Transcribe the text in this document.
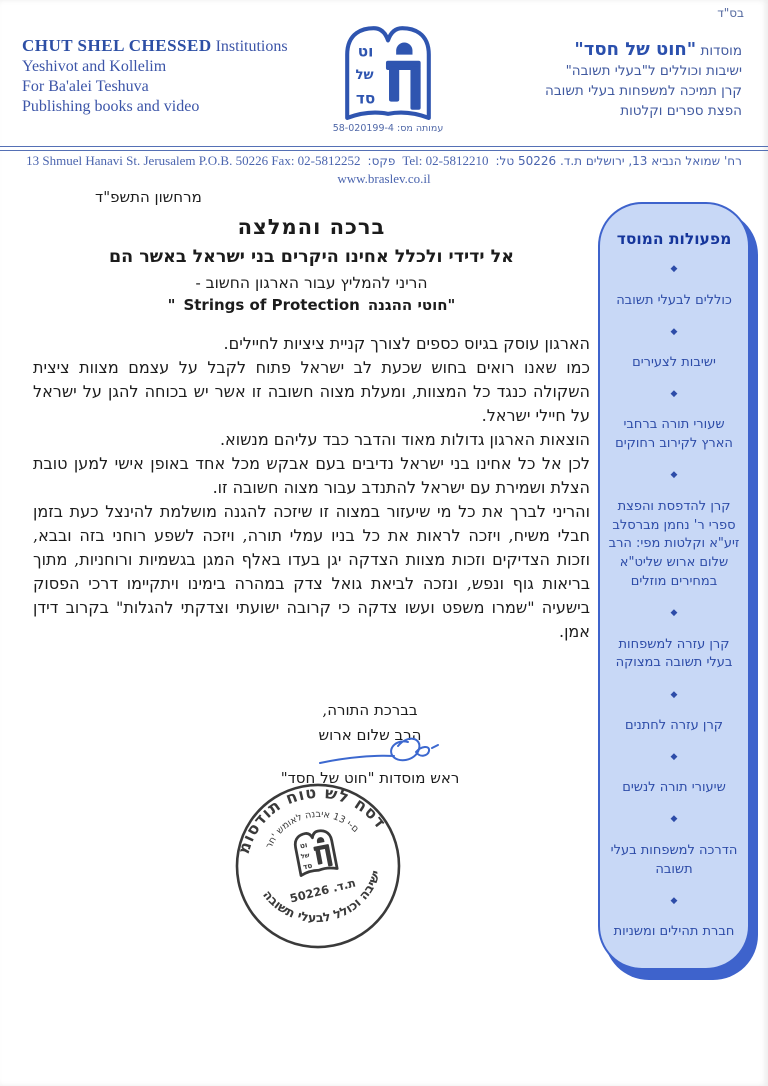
בס"ד
CHUT SHEL CHESSED Institutions
Yeshivot and Kollelim
For Ba'alei Teshuva
Publishing books and video
וט
של
סד
עמותה מס: 58-020199-4
מוסדות "חוט של חסד"
ישיבות וכוללים ל"בעלי תשובה"
קרן תמיכה למשפחות בעלי תשובה
הפצת ספרים וקלטות
13 Shmuel Hanavi St. Jerusalem P.O.B. 50226 Fax: 02-5812252 פקס: Tel: 02-5812210 רח' שמואל הנביא 13, ירושלים ת.ד. 50226 טל:
www.braslev.co.il
מרחשון התשפ"ד
ברכה והמלצה
אל ידידי ולכלל אחינו היקרים בני ישראל באשר הם
הריני להמליץ עבור הארגון החשוב -
" Strings of Protection חוטי ההגנה"

הארגון עוסק בגיוס כספים לצורך קניית ציציות לחיילים.

כמו שאנו רואים בחוש שכעת לב ישראל פתוח לקבל על עצמם מצוות ציצית השקולה כנגד כל המצוות, ומעלת מצוה חשובה זו אשר יש בכוחה להגן על ישראל על חיילי ישראל.

הוצאות הארגון גדולות מאוד והדבר כבד עליהם מנשוא.

לכן אל כל אחינו בני ישראל נדיבים בעם אבקש מכל אחד באופן אישי למען טובת הצלת ושמירת עם ישראל להתנדב עבור מצוה חשובה זו.

והריני לברך את כל מי שיעזור במצוה זו שיזכה להגנה מושלמת להינצל כעת בזמן חבלי משיח, ויזכה לראות את כל בניו עמלי תורה, ויזכה לשפע רוחני בזה ובבא, וזכות הצדיקים וזכות מצוות הצדקה יגן בעדו באלף המגן בגשמיות ורוחניות, מתוך בריאות גוף ונפש, ונזכה לביאת גואל צדק במהרה בימינו ויתקיימו דרכי הפסוק בישעיה "שמרו משפט ועשו צדקה כי קרובה ישועתי וצדקתי להגלות" בקרוב דידן אמן.

בברכת התורה,
הרב שלום ארוש
ראש מוסדות "חוט של חסד"
מוסדות חוט של חסד
רח' שמואל הנביא 13 י-ם
הבושת ילעבל ללוכו הבישי
וט
של
סד
ת.ד. 50226
מפעולות המוסד
◆
כוללים לבעלי תשובה
◆
ישיבות לצעירים
◆
שעורי תורה ברחבי הארץ לקירוב רחוקים
◆
קרן להדפסת והפצת ספרי ר' נחמן מברסלב זיע"א וקלטות מפי: הרב שלום ארוש שליט"א במחירים מוזלים
◆
קרן עזרה למשפחות בעלי תשובה במצוקה
◆
קרן עזרה לחתנים
◆
שיעורי תורה לנשים
◆
הדרכה למשפחות בעלי תשובה
◆
חברת תהילים ומשניות
